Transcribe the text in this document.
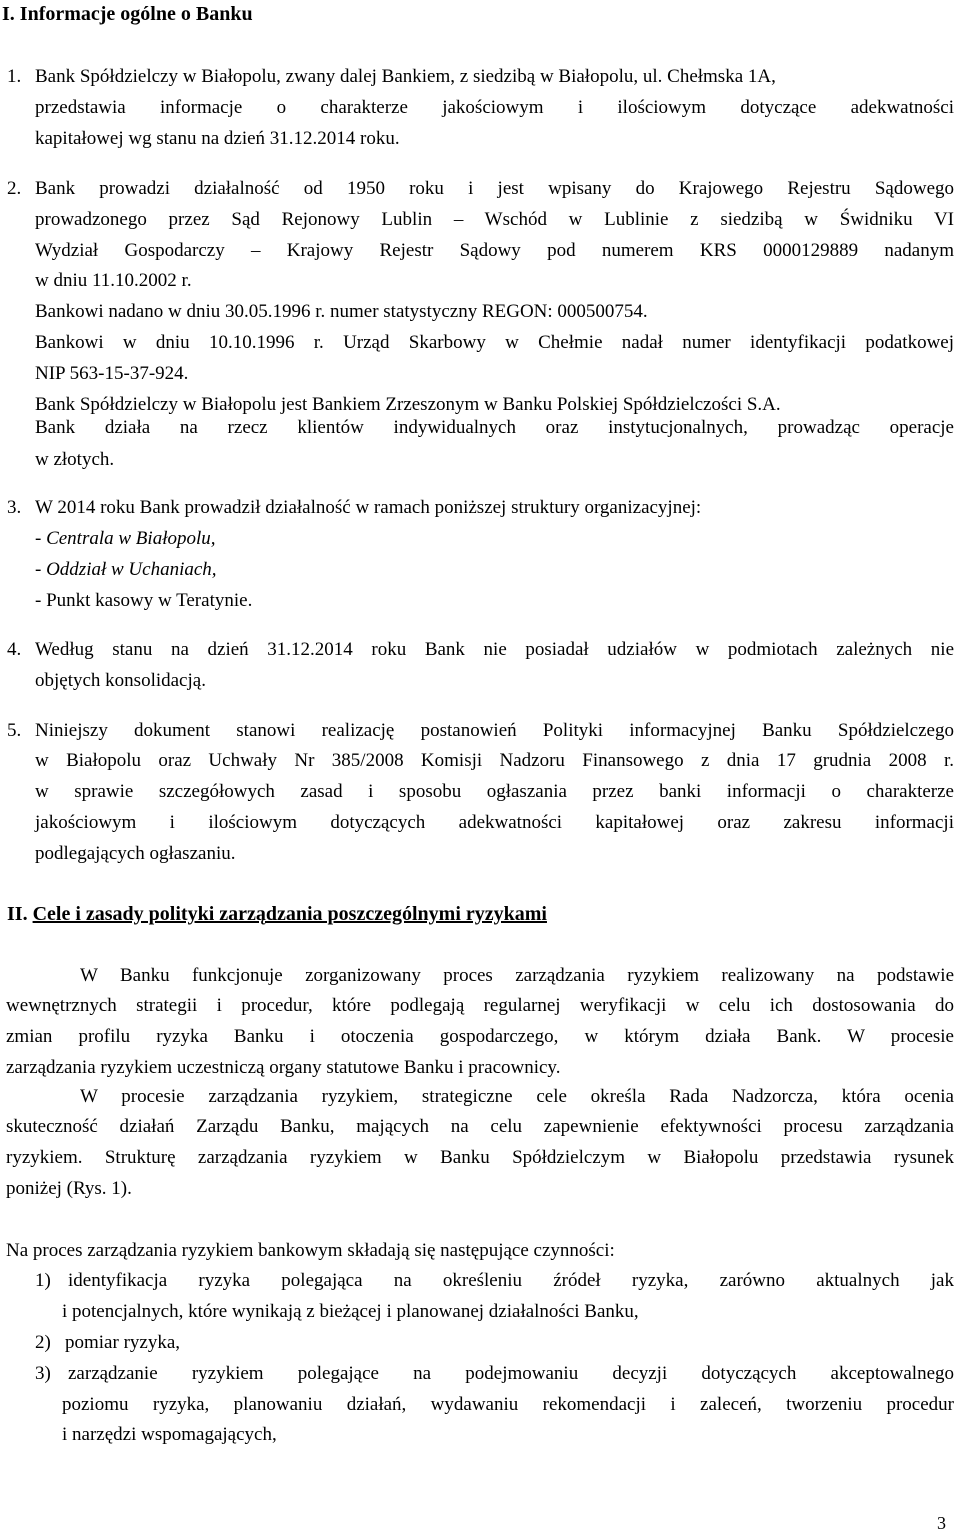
I. Informacje ogólne o Banku
1. Bank Spółdzielczy w Białopolu, zwany dalej Bankiem, z siedzibą w Białopolu, ul. Chełmska 1A,
przedstawia informacje o charakterze jakościowym i ilościowym dotyczące adekwatności
kapitałowej wg stanu na dzień 31.12.2014 roku.
2. Bank prowadzi działalność od 1950 roku i jest wpisany do Krajowego Rejestru Sądowego
prowadzonego przez Sąd Rejonowy Lublin – Wschód w Lublinie z siedzibą w Świdniku VI
Wydział Gospodarczy – Krajowy Rejestr Sądowy pod numerem KRS 0000129889 nadanym
w dniu 11.10.2002 r.
Bankowi nadano w dniu 30.05.1996 r. numer statystyczny REGON: 000500754.
Bankowi w dniu 10.10.1996 r. Urząd Skarbowy w Chełmie nadał numer identyfikacji podatkowej
NIP 563-15-37-924.
Bank Spółdzielczy w Białopolu jest Bankiem Zrzeszonym w Banku Polskiej Spółdzielczości S.A.
Bank działa na rzecz klientów indywidualnych oraz instytucjonalnych, prowadząc operacje
w złotych.
3. W 2014 roku Bank prowadził działalność w ramach poniższej struktury organizacyjnej:
- Centrala w Białopolu,
- Oddział w Uchaniach,
- Punkt kasowy w Teratynie.
4. Według stanu na dzień 31.12.2014 roku Bank nie posiadał udziałów w podmiotach zależnych nie
objętych konsolidacją.
5. Niniejszy dokument stanowi realizację postanowień Polityki informacyjnej Banku Spółdzielczego
w Białopolu oraz Uchwały Nr 385/2008 Komisji Nadzoru Finansowego z dnia 17 grudnia 2008 r.
w sprawie szczegółowych zasad i sposobu ogłaszania przez banki informacji o charakterze
jakościowym i ilościowym dotyczących adekwatności kapitałowej oraz zakresu informacji
podlegających ogłaszaniu.
II. Cele i zasady polityki zarządzania poszczególnymi ryzykami
W Banku funkcjonuje zorganizowany proces zarządzania ryzykiem realizowany na podstawie
wewnętrznych strategii i procedur, które podlegają regularnej weryfikacji w celu ich dostosowania do
zmian profilu ryzyka Banku i otoczenia gospodarczego, w którym działa Bank. W procesie
zarządzania ryzykiem uczestniczą organy statutowe Banku i pracownicy.
W procesie zarządzania ryzykiem, strategiczne cele określa Rada Nadzorcza, która ocenia
skuteczność działań Zarządu Banku, mających na celu zapewnienie efektywności procesu zarządzania
ryzykiem. Strukturę zarządzania ryzykiem w Banku Spółdzielczym w Białopolu przedstawia rysunek
poniżej (Rys. 1).
Na proces zarządzania ryzykiem bankowym składają się następujące czynności:
1) identyfikacja ryzyka polegająca na określeniu źródeł ryzyka, zarówno aktualnych jak
i potencjalnych, które wynikają z bieżącej i planowanej działalności Banku,
2) pomiar ryzyka,
3) zarządzanie ryzykiem polegające na podejmowaniu decyzji dotyczących akceptowalnego
poziomu ryzyka, planowaniu działań, wydawaniu rekomendacji i zaleceń, tworzeniu procedur
i narzędzi wspomagających,
3
